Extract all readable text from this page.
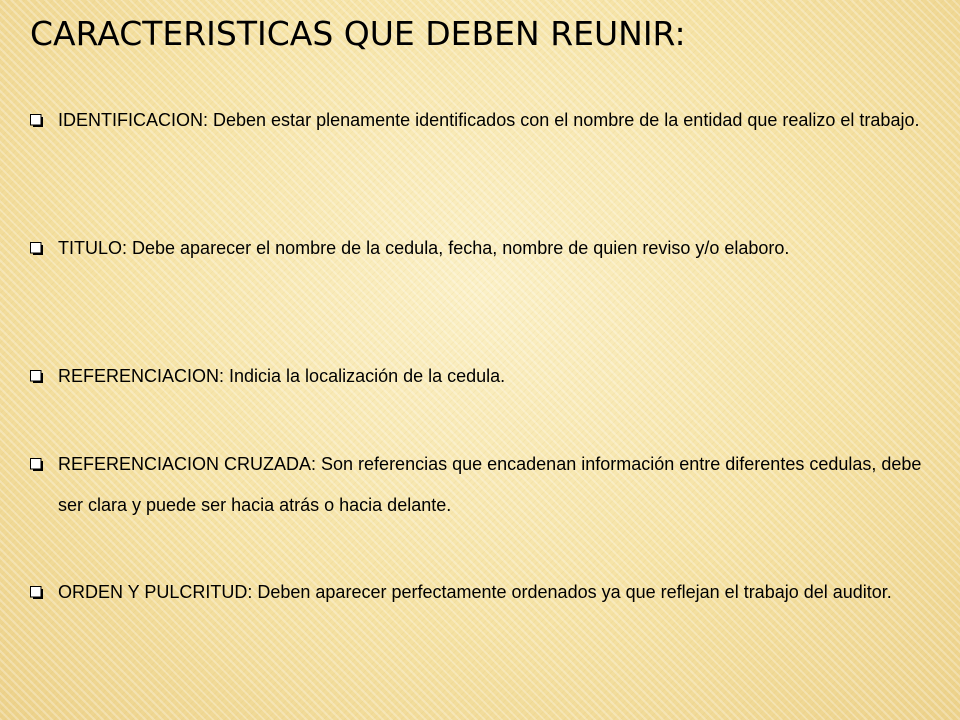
CARACTERISTICAS QUE DEBEN REUNIR:
IDENTIFICACION: Deben estar plenamente identificados con el nombre de la entidad que realizo el trabajo.
TITULO: Debe aparecer el nombre de la cedula, fecha, nombre de quien reviso y/o elaboro.
REFERENCIACION: Indicia la localización de la cedula.
REFERENCIACION CRUZADA: Son referencias que encadenan información entre diferentes cedulas, debe ser clara y puede ser hacia atrás o hacia delante.
ORDEN Y PULCRITUD: Deben aparecer perfectamente ordenados ya que reflejan el trabajo del auditor.
